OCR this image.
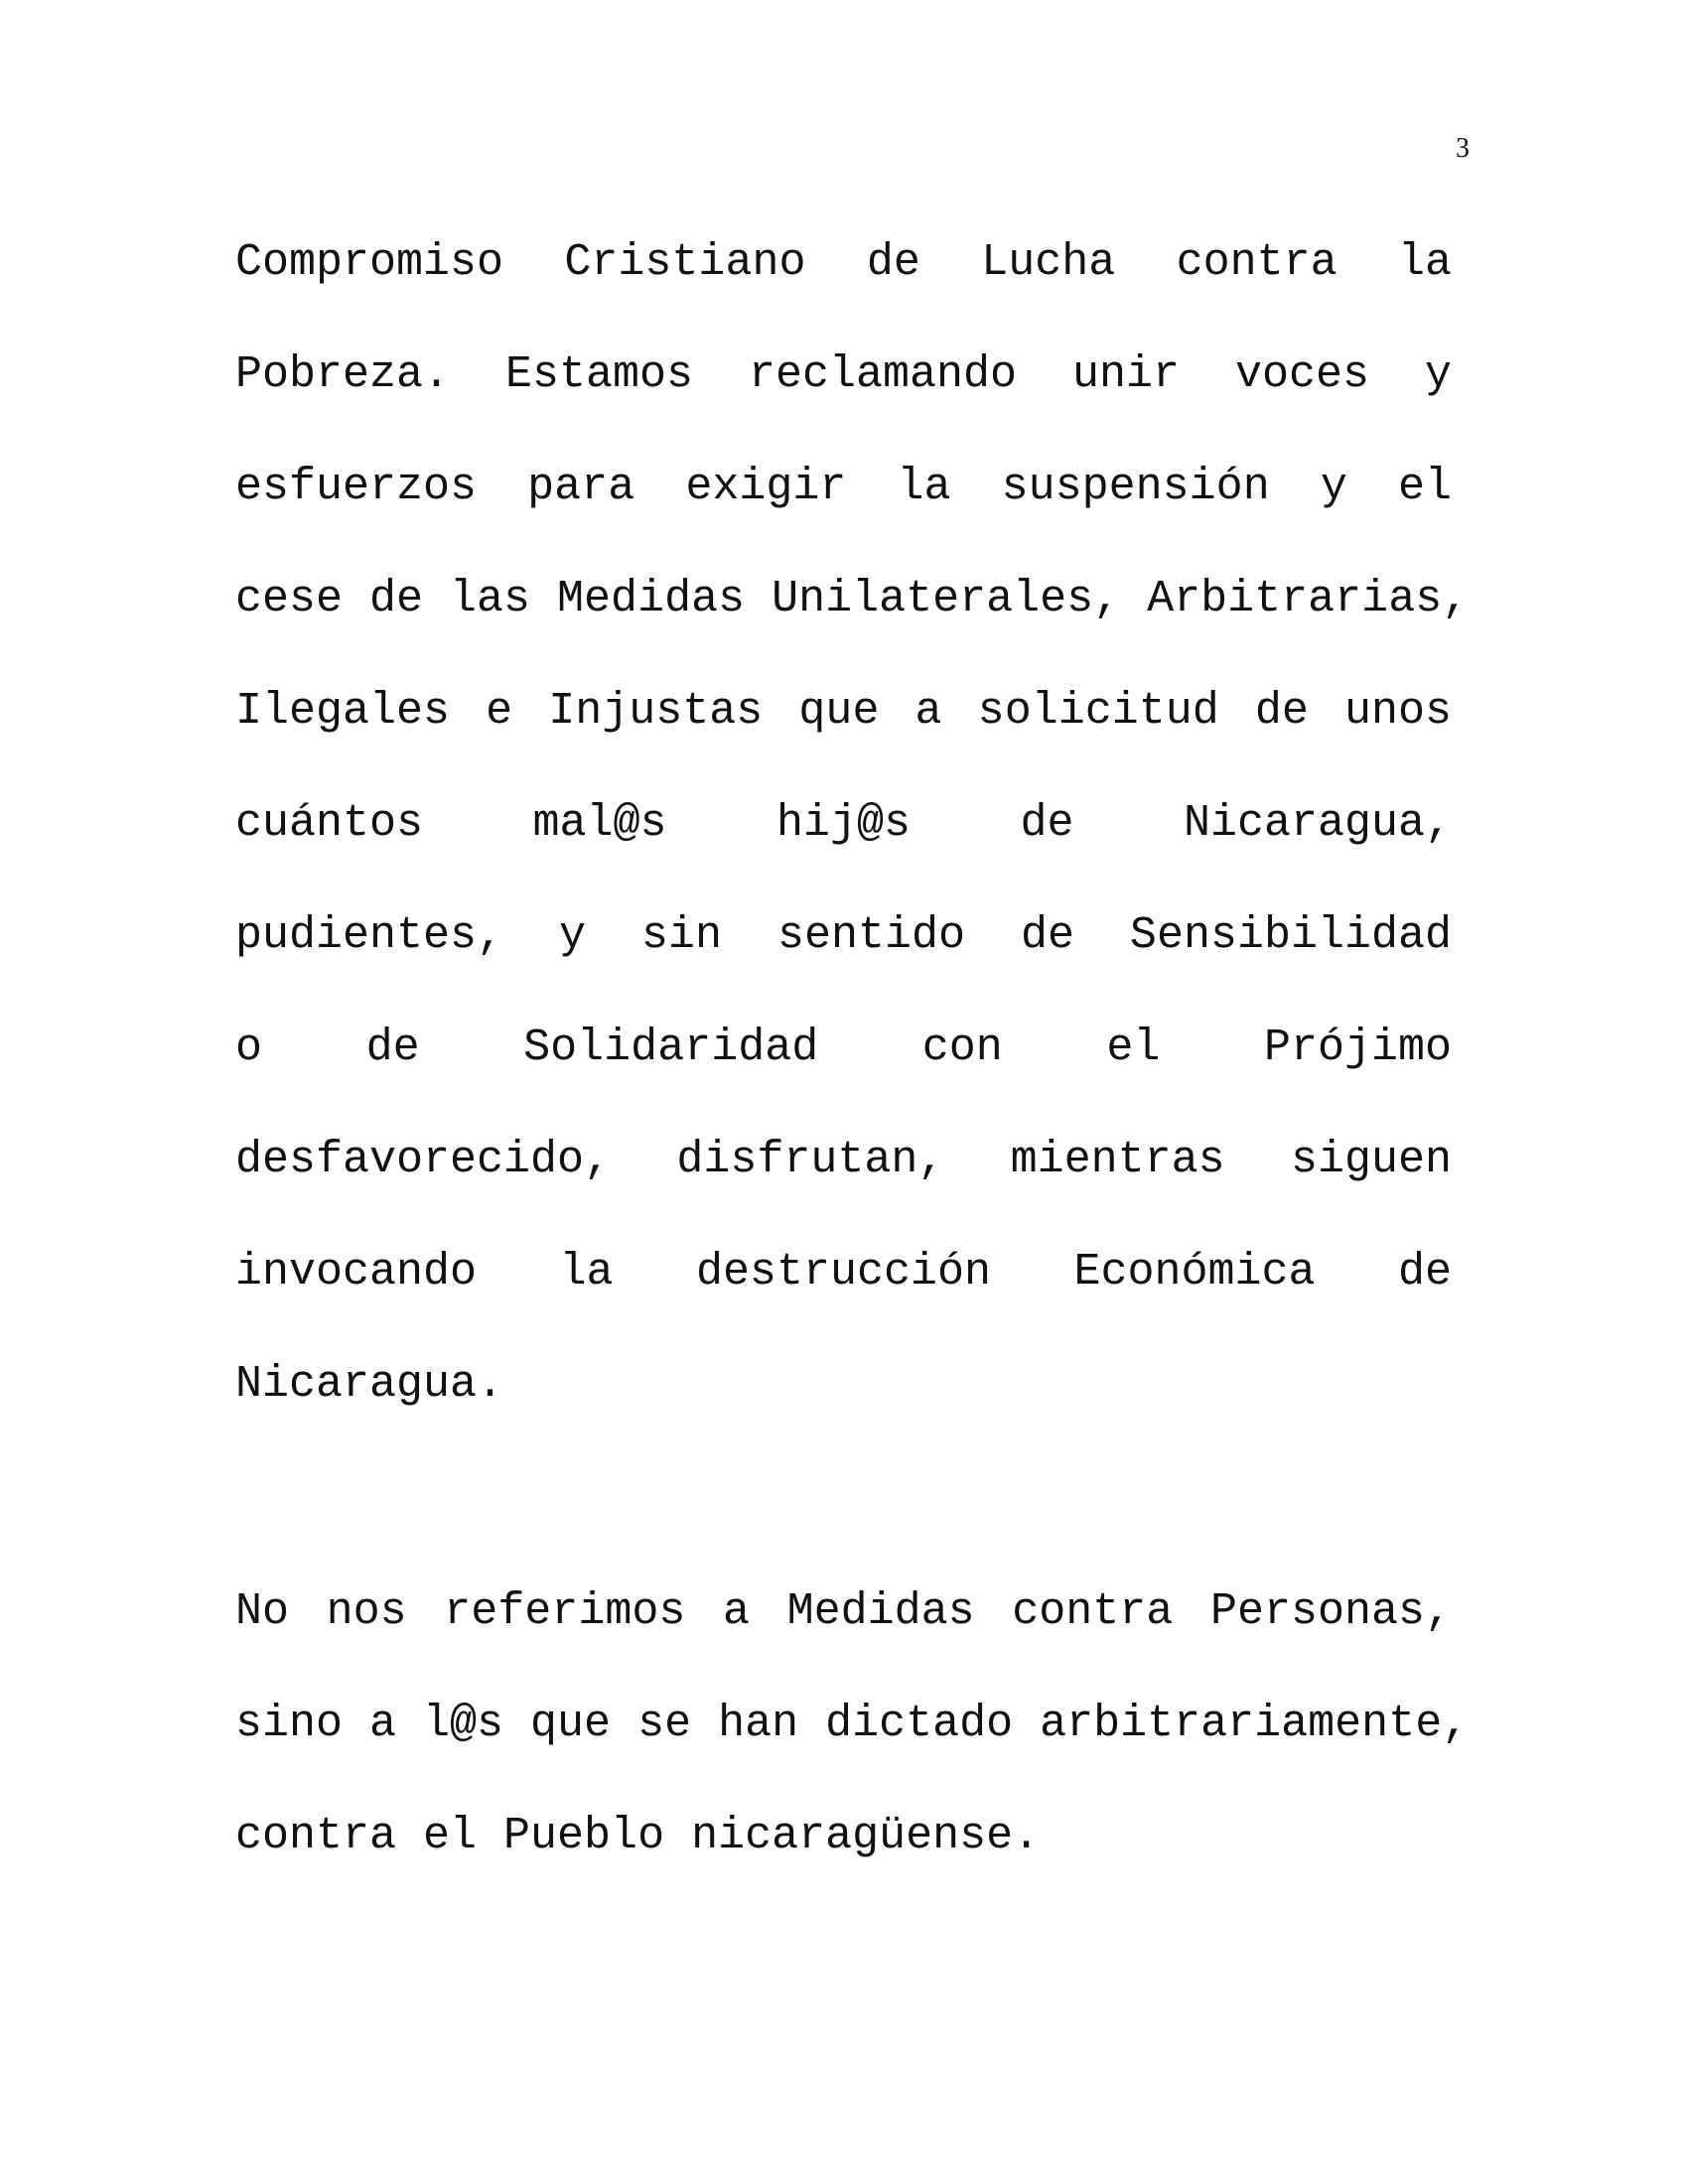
3
Compromiso Cristiano de Lucha contra la
Pobreza. Estamos reclamando unir voces y
esfuerzos para exigir la suspensión y el
cese de las Medidas Unilaterales, Arbitrarias,
Ilegales e Injustas que a solicitud de unos
cuántos mal@s hij@s de Nicaragua,
pudientes, y sin sentido de Sensibilidad
o de Solidaridad con el Prójimo
desfavorecido, disfrutan, mientras siguen
invocando la destrucción Económica de
Nicaragua.
No nos referimos a Medidas contra Personas,
sino a l@s que se han dictado arbitrariamente,
contra el Pueblo nicaragüense.
